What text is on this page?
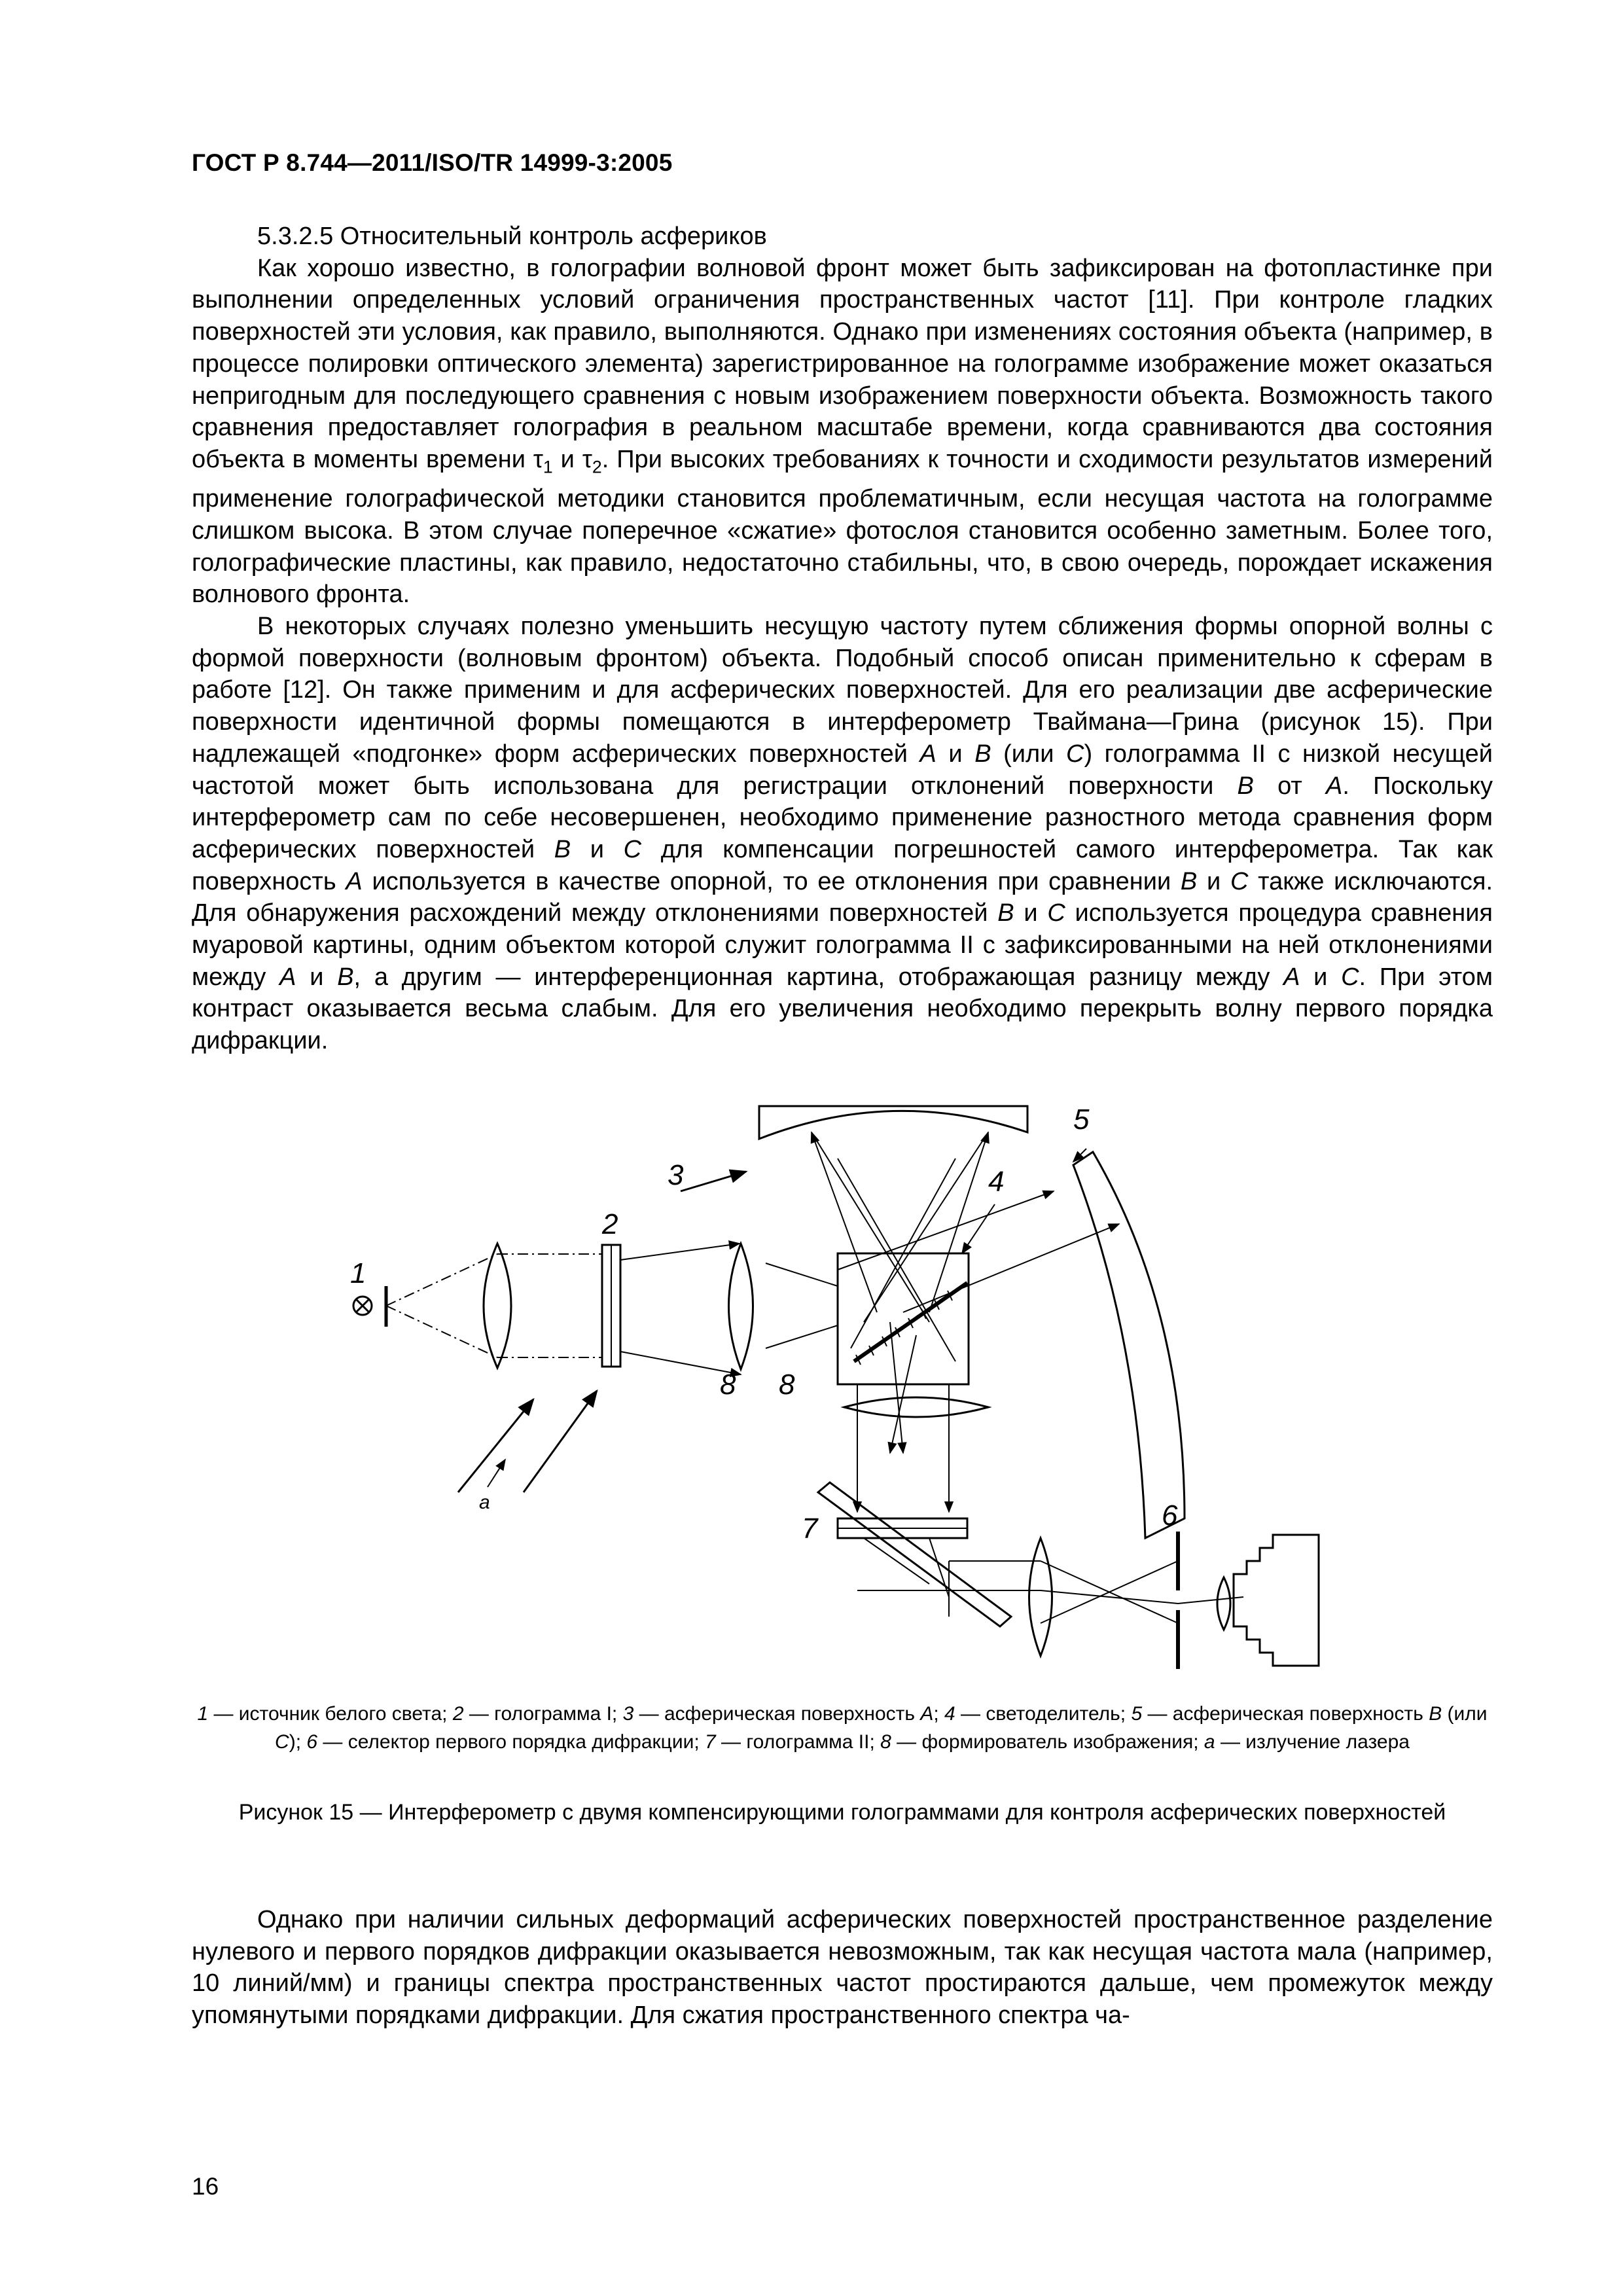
ГОСТ Р 8.744—2011/ISO/TR 14999-3:2005

5.3.2.5 Относительный контроль асфериков

Как хорошо известно, в голографии волновой фронт может быть зафиксирован на фотопластинке при выполнении определенных условий ограничения пространственных частот [11]. При контроле гладких поверхностей эти условия, как правило, выполняются. Однако при изменениях состояния объекта (например, в процессе полировки оптического элемента) зарегистрированное на голограмме изображение может оказаться непригодным для последующего сравнения с новым изображением поверхности объекта. Возможность такого сравнения предоставляет голография в реальном масштабе времени, когда сравниваются два состояния объекта в моменты времени $\tau_1$ и $\tau_2$. При высоких требованиях к точности и сходимости результатов измерений применение голографической методики становится проблематичным, если несущая частота на голограмме слишком высока. В этом случае поперечное «сжатие» фотослоя становится особенно заметным. Более того, голографические пластины, как правило, недостаточно стабильны, что, в свою очередь, порождает искажения волнового фронта.

В некоторых случаях полезно уменьшить несущую частоту путем сближения формы опорной волны с формой поверхности (волновым фронтом) объекта. Подобный способ описан применительно к сферам в работе [12]. Он также применим и для асферических поверхностей. Для его реализации две асферические поверхности идентичной формы помещаются в интерферометр Тваймана—Грина (рисунок 15). При надлежащей «подгонке» форм асферических поверхностей А и В (или С) голограмма II с низкой несущей частотой может быть использована для регистрации отклонений поверхности В от А. Поскольку интерферометр сам по себе несовершенен, необходимо применение разностного метода сравнения форм асферических поверхностей В и С для компенсации погрешностей самого интерферометра. Так как поверхность А используется в качестве опорной, то ее отклонения при сравнении В и С также исключаются. Для обнаружения расхождений между отклонениями поверхностей В и С используется процедура сравнения муаровой картины, одним объектом которой служит голограмма II с зафиксированными на ней отклонениями между А и В, а другим — интерференционная картина, отображающая разницу между А и С. При этом контраст оказывается весьма слабым. Для его увеличения необходимо перекрыть волну первого порядка дифракции.

1
2
3	4
5
6
7
8 8
a
1 — источник белого света; 2 — голограмма I; 3 — асферическая поверхность А; 4 — светоделитель; 5 — асферическая поверхность В (или С); 6 — селектор первого порядка дифракции; 7 — голограмма II; 8 — формирователь изображения; а — излучение лазера
Рисунок 15 — Интерферометр с двумя компенсирующими голограммами для контроля асферических поверхностей

Однако при наличии сильных деформаций асферических поверхностей пространственное разделение нулевого и первого порядков дифракции оказывается невозможным, так как несущая частота мала (например, 10 линий/мм) и границы спектра пространственных частот простираются дальше, чем промежуток между упомянутыми порядками дифракции. Для сжатия пространственного спектра ча-

16
